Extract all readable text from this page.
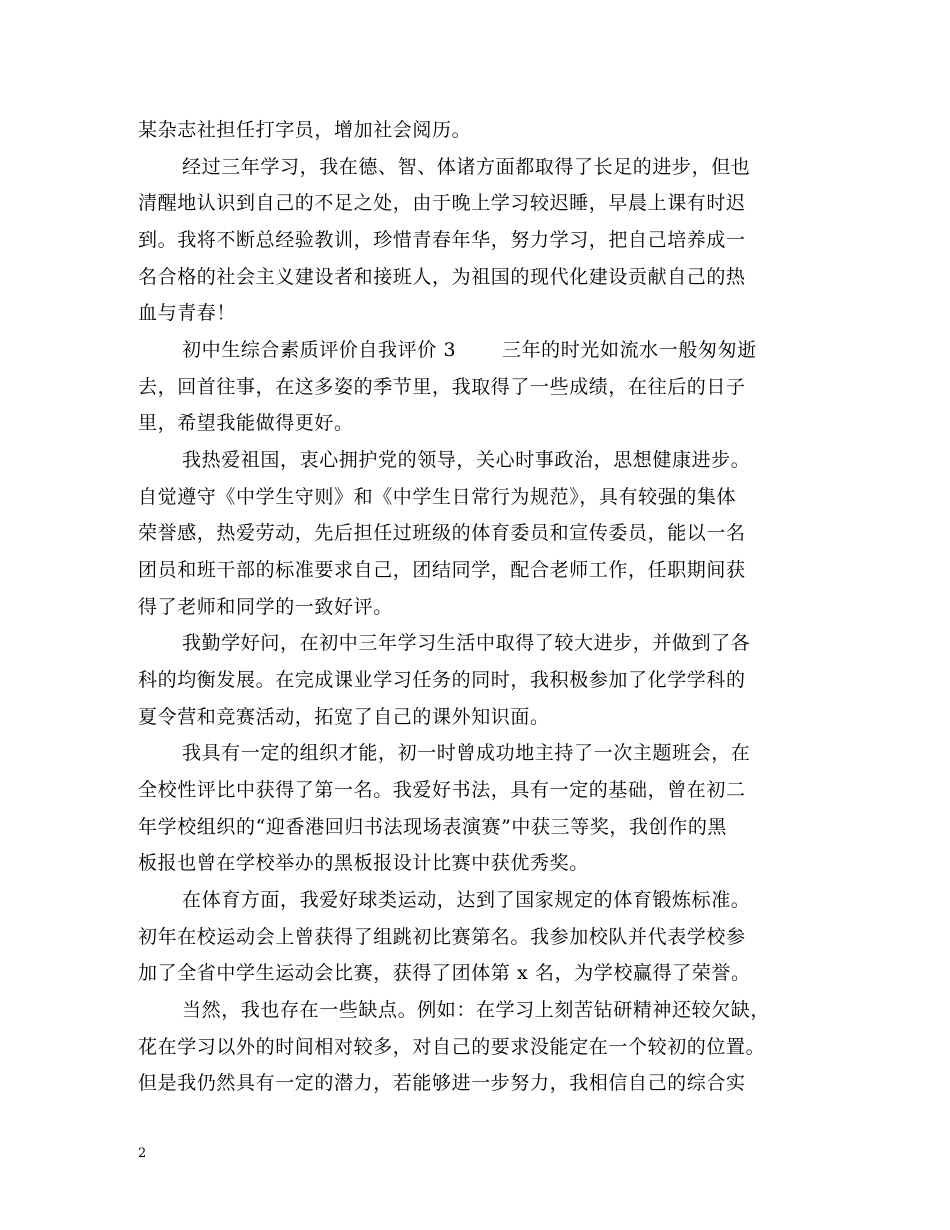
某杂志社担任打字员，增加社会阅历。
经过三年学习，我在德、智、体诸方面都取得了长足的进步，但也
清醒地认识到自己的不足之处，由于晚上学习较迟睡，早晨上课有时迟
到。我将不断总经验教训，珍惜青春年华，努力学习，把自己培养成一
名合格的社会主义建设者和接班人，为祖国的现代化建设贡献自己的热
血与青春！
初中生综合素质评价自我评价 3　　 三年的时光如流水一般匆匆逝
去，回首往事，在这多姿的季节里，我取得了一些成绩，在往后的日子
里，希望我能做得更好。
我热爱祖国，衷心拥护党的领导，关心时事政治，思想健康进步。
自觉遵守《中学生守则》和《中学生日常行为规范》，具有较强的集体
荣誉感，热爱劳动，先后担任过班级的体育委员和宣传委员，能以一名
团员和班干部的标准要求自己，团结同学，配合老师工作，任职期间获
得了老师和同学的一致好评。
我勤学好问，在初中三年学习生活中取得了较大进步，并做到了各
科的均衡发展。在完成课业学习任务的同时，我积极参加了化学学科的
夏令营和竞赛活动，拓宽了自己的课外知识面。
我具有一定的组织才能，初一时曾成功地主持了一次主题班会，在
全校性评比中获得了第一名。我爱好书法，具有一定的基础，曾在初二
年学校组织的“迎香港回归书法现场表演赛”中获三等奖，我创作的黑
板报也曾在学校举办的黑板报设计比赛中获优秀奖。
在体育方面，我爱好球类运动，达到了国家规定的体育锻炼标准。
初年在校运动会上曾获得了组跳初比赛第名。我参加校队并代表学校参
加了全省中学生运动会比赛，获得了团体第 x 名，为学校赢得了荣誉。
当然，我也存在一些缺点。例如：在学习上刻苦钻研精神还较欠缺，
花在学习以外的时间相对较多，对自己的要求没能定在一个较初的位置。
但是我仍然具有一定的潜力，若能够进一步努力，我相信自己的综合实
2
